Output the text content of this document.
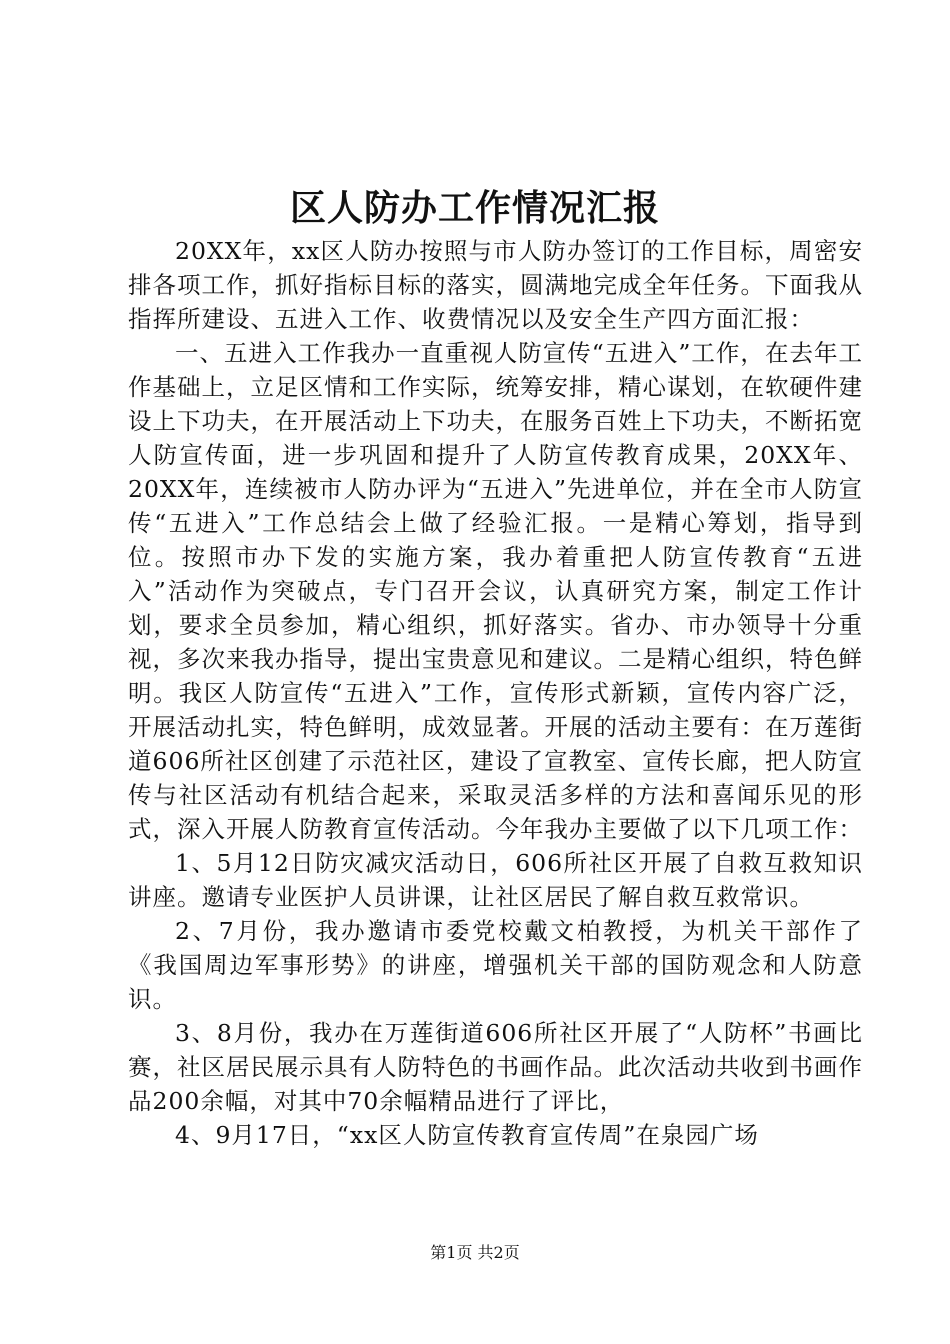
区人防办工作情况汇报

20XX年，xx区人防办按照与市人防办签订的工作目标，周密安排各项工作，抓好指标目标的落实，圆满地完成全年任务。下面我从指挥所建设、五进入工作、收费情况以及安全生产四方面汇报：

一、五进入工作我办一直重视人防宣传“五进入”工作，在去年工作基础上，立足区情和工作实际，统筹安排，精心谋划，在软硬件建设上下功夫，在开展活动上下功夫，在服务百姓上下功夫，不断拓宽人防宣传面，进一步巩固和提升了人防宣传教育成果，20XX年、20XX年，连续被市人防办评为“五进入”先进单位，并在全市人防宣传“五进入”工作总结会上做了经验汇报。一是精心筹划，指导到位。按照市办下发的实施方案，我办着重把人防宣传教育“五进入”活动作为突破点，专门召开会议，认真研究方案，制定工作计划，要求全员参加，精心组织，抓好落实。省办、市办领导十分重视，多次来我办指导，提出宝贵意见和建议。二是精心组织，特色鲜明。我区人防宣传“五进入”工作，宣传形式新颖，宣传内容广泛，开展活动扎实，特色鲜明，成效显著。开展的活动主要有：在万莲街道606所社区创建了示范社区，建设了宣教室、宣传长廊，把人防宣传与社区活动有机结合起来，采取灵活多样的方法和喜闻乐见的形式，深入开展人防教育宣传活动。今年我办主要做了以下几项工作：

1、5月12日防灾减灾活动日，606所社区开展了自救互救知识讲座。邀请专业医护人员讲课，让社区居民了解自救互救常识。

2、7月份，我办邀请市委党校戴文柏教授，为机关干部作了《我国周边军事形势》的讲座，增强机关干部的国防观念和人防意识。

3、8月份，我办在万莲街道606所社区开展了“人防杯”书画比赛，社区居民展示具有人防特色的书画作品。此次活动共收到书画作品200余幅，对其中70余幅精品进行了评比，

4、9月17日，“xx区人防宣传教育宣传周”在泉园广场

第1页 共2页
